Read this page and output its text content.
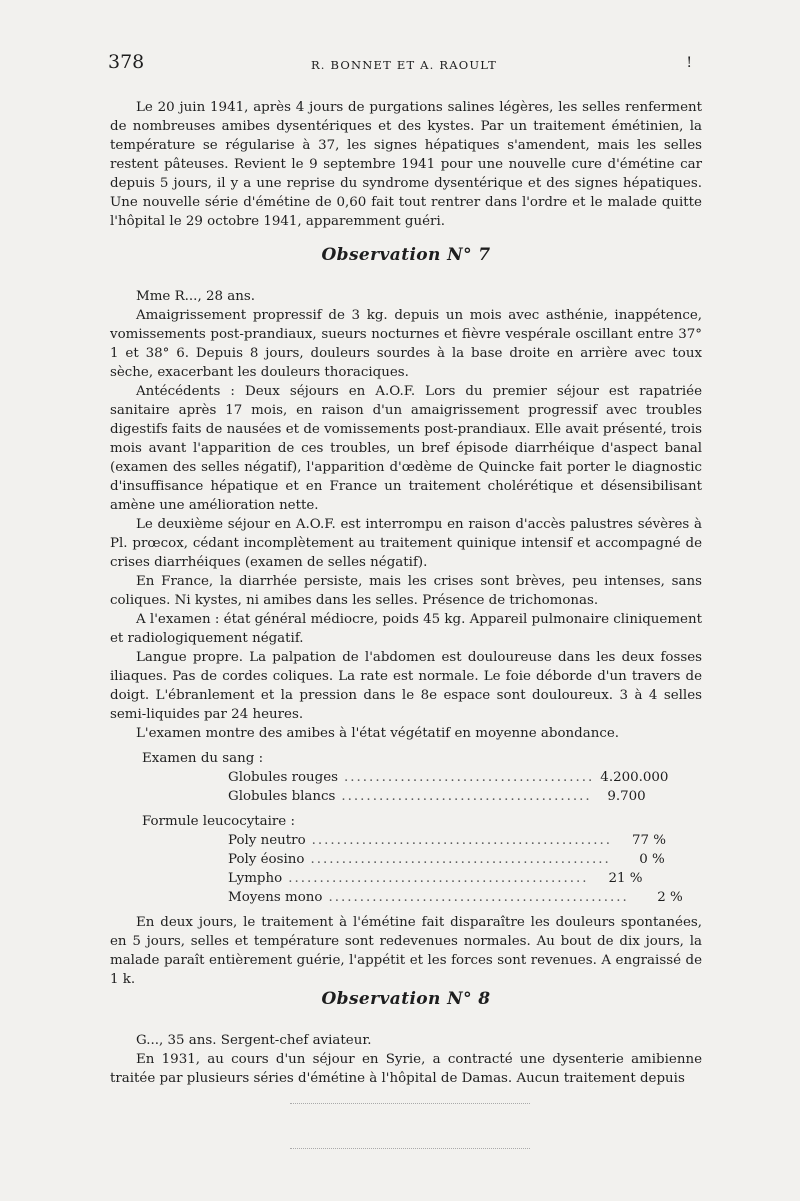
378	R. BONNET ET A. RAOULT	!

Le 20 juin 1941, après 4 jours de purgations salines légères, les selles renferment de nombreuses amibes dysentériques et des kystes. Par un traitement émétinien, la température se régularise à 37, les signes hépatiques s'amendent, mais les selles restent pâteuses. Revient le 9 septembre 1941 pour une nouvelle cure d'émétine car depuis 5 jours, il y a une reprise du syndrome dysentérique et des signes hépatiques. Une nouvelle série d'émétine de 0,60 fait tout rentrer dans l'ordre et le malade quitte l'hôpital le 29 octobre 1941, apparemment guéri.

Observation N° 7

Mme R..., 28 ans.

Amaigrissement propressif de 3 kg. depuis un mois avec asthénie, inappétence, vomissements post-prandiaux, sueurs nocturnes et fièvre vespérale oscillant entre 37° 1 et 38° 6. Depuis 8 jours, douleurs sourdes à la base droite en arrière avec toux sèche, exacerbant les douleurs thoraciques.

Antécédents : Deux séjours en A.O.F. Lors du premier séjour est rapatriée sanitaire après 17 mois, en raison d'un amaigrissement progressif avec troubles digestifs faits de nausées et de vomissements post-prandiaux. Elle avait présenté, trois mois avant l'apparition de ces troubles, un bref épisode diarrhéique d'aspect banal (examen des selles négatif), l'apparition d'œdème de Quincke fait porter le diagnostic d'insuffisance hépatique et en France un traitement cholérétique et désensibilisant amène une amélioration nette.

Le deuxième séjour en A.O.F. est interrompu en raison d'accès palustres sévères à Pl. prœcox, cédant incomplètement au traitement quinique intensif et accompagné de crises diarrhéiques (examen de selles négatif).

En France, la diarrhée persiste, mais les crises sont brèves, peu intenses, sans coliques. Ni kystes, ni amibes dans les selles. Présence de trichomonas.

A l'examen : état général médiocre, poids 45 kg. Appareil pulmonaire cliniquement et radiologiquement négatif.

Langue propre. La palpation de l'abdomen est douloureuse dans les deux fosses iliaques. Pas de cordes coliques. La rate est normale. Le foie déborde d'un travers de doigt. L'ébranlement et la pression dans le 8e espace sont douloureux. 3 à 4 selles semi-liquides par 24 heures.

L'examen montre des amibes à l'état végétatif en moyenne abondance.

Examen du sang :

Globules rouges ........................................ 4.200.000
Globules blancs ........................................	9.700

Formule leucocytaire :

Poly neutro ................................................	77 %
Poly éosino ................................................	0 %
Lympho ................................................	21 %
Moyens mono ................................................	2 %

En deux jours, le traitement à l'émétine fait disparaître les douleurs spontanées, en 5 jours, selles et température sont redevenues normales. Au bout de dix jours, la malade paraît entièrement guérie, l'appétit et les forces sont revenues. A engraissé de 1 k.

Observation N° 8

G..., 35 ans. Sergent-chef aviateur.

En 1931, au cours d'un séjour en Syrie, a contracté une dysenterie amibienne traitée par plusieurs séries d'émétine à l'hôpital de Damas. Aucun traitement depuis
